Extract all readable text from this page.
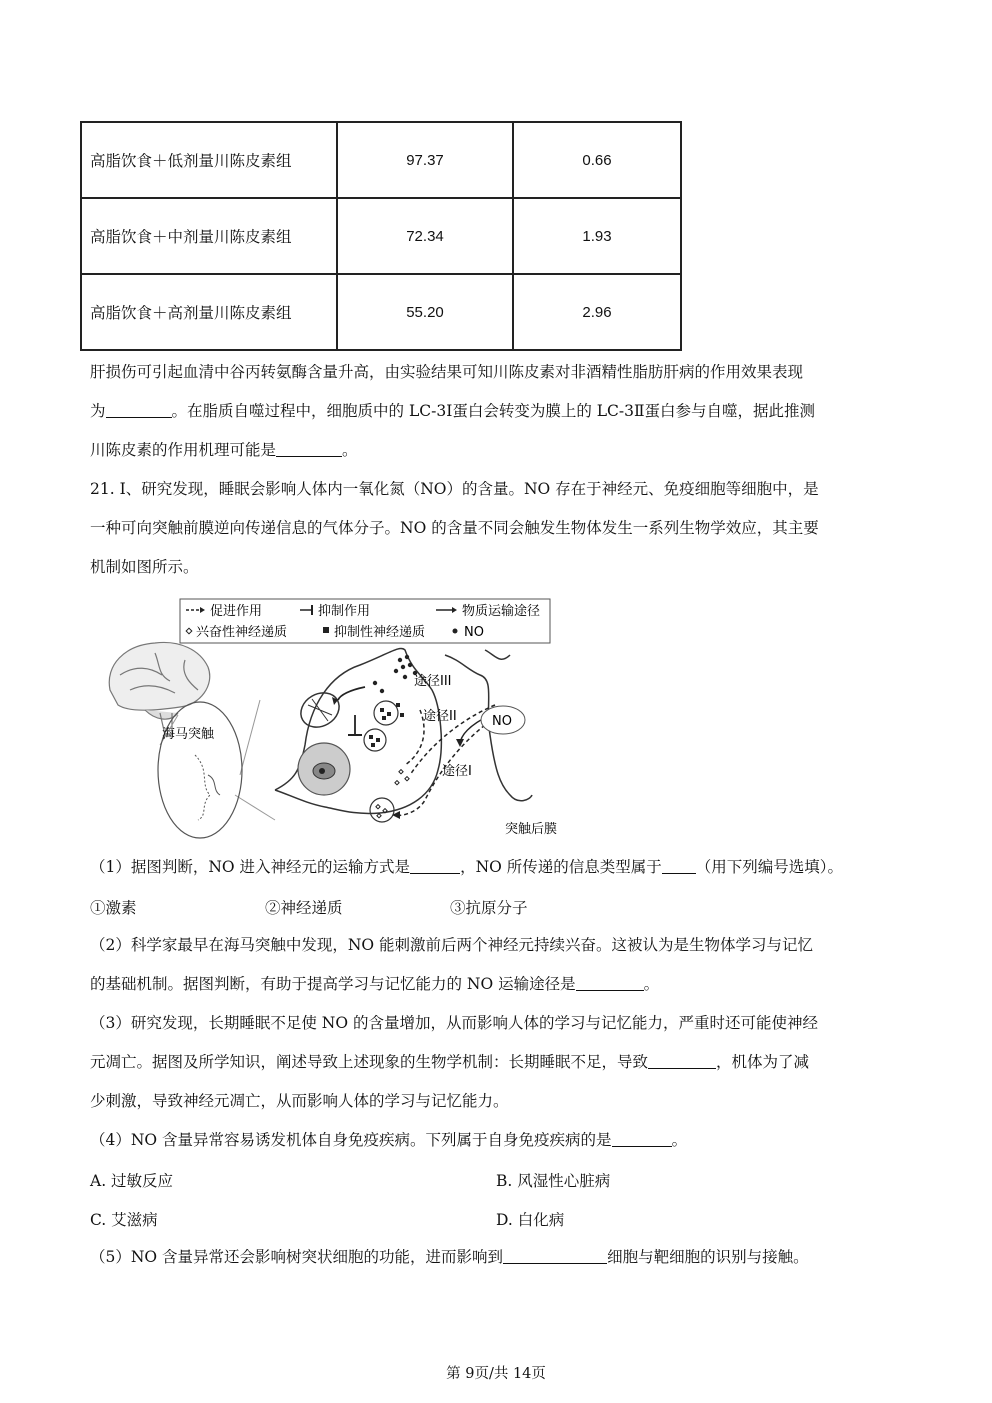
高脂饮食＋低剂量川陈皮素组	97.37	0.66
高脂饮食＋中剂量川陈皮素组	72.34	1.93
高脂饮食＋高剂量川陈皮素组	55.20	2.96
肝损伤可引起血清中谷丙转氨酶含量升高，由实验结果可知川陈皮素对非酒精性脂肪肝病的作用效果表现
为	。在脂质自噬过程中，细胞质中的 LC-3Ⅰ蛋白会转变为膜上的 LC-3Ⅱ蛋白参与自噬，据此推测
川陈皮素的作用机理可能是	。
21. I、研究发现，睡眠会影响人体内一氧化氮（NO）的含量。NO 存在于神经元、免疫细胞等细胞中，是
一种可向突触前膜逆向传递信息的气体分子。NO 的含量不同会触发生物体发生一系列生物学效应，其主要
机制如图所示。
促进作用	抑制作用	物质运输途径
兴奋性神经递质	抑制性神经递质	NO
海马突触
途径III
途径II	NO
途径I
突触后膜
（1）据图判断，NO 进入神经元的运输方式是	，NO 所传递的信息类型属于 （用下列编号选填）。
①激素	②神经递质	③抗原分子
（2）科学家最早在海马突触中发现，NO 能刺激前后两个神经元持续兴奋。这被认为是生物体学习与记忆
的基础机制。据图判断，有助于提高学习与记忆能力的 NO 运输途径是	。
（3）研究发现，长期睡眠不足使 NO 的含量增加，从而影响人体的学习与记忆能力，严重时还可能使神经
元凋亡。据图及所学知识，阐述导致上述现象的生物学机制：长期睡眠不足，导致	，机体为了减
少刺激，导致神经元凋亡，从而影响人体的学习与记忆能力。
（4）NO 含量异常容易诱发机体自身免疫疾病。下列属于自身免疫疾病的是	。
A. 过敏反应	B. 风湿性心脏病
C. 艾滋病	D. 白化病
（5）NO 含量异常还会影响树突状细胞的功能，进而影响到	细胞与靶细胞的识别与接触。
第 9页/共 14页
